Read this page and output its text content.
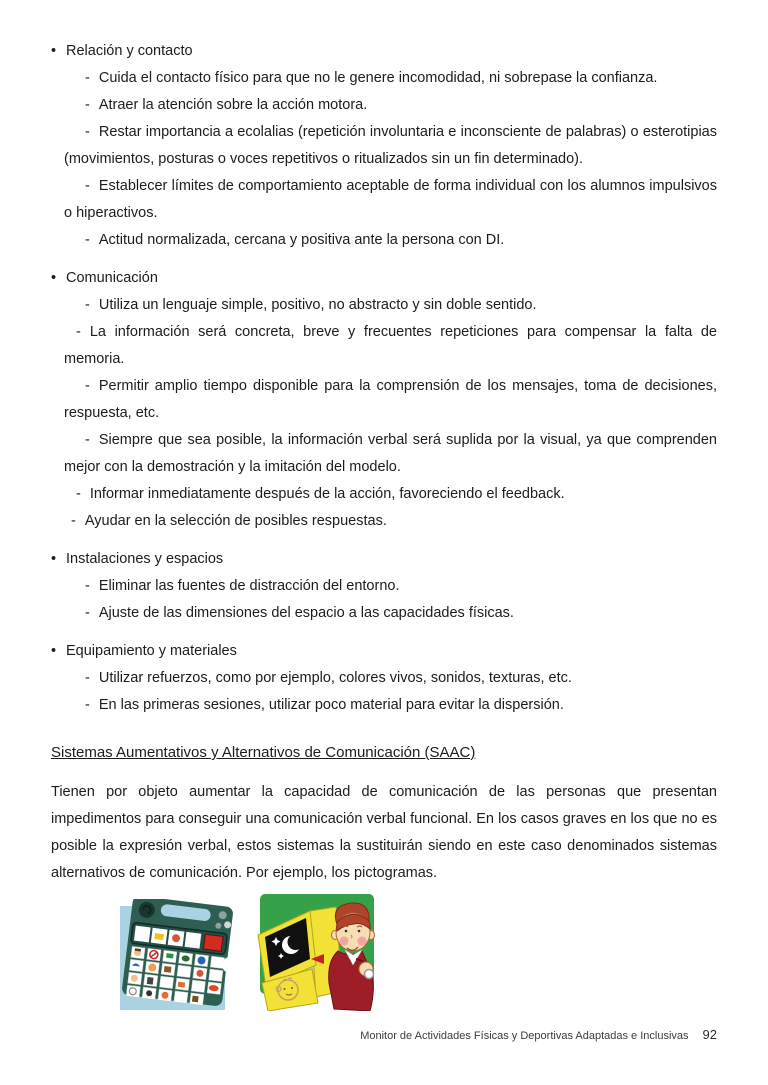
• Relación y contacto
- Cuida el contacto físico para que no le genere incomodidad, ni sobrepase la confianza.
- Atraer la atención sobre la acción motora.
- Restar importancia a ecolalias (repetición involuntaria e inconsciente de palabras) o esterotipias (movimientos, posturas o voces repetitivos o ritualizados sin un fin determinado).
- Establecer límites de comportamiento aceptable de forma individual con los alumnos impulsivos o hiperactivos.
- Actitud normalizada, cercana y positiva ante la persona con DI.
• Comunicación
- Utiliza un lenguaje simple, positivo, no abstracto y sin doble sentido.
- La información será concreta, breve y frecuentes repeticiones para compensar la falta de memoria.
- Permitir amplio tiempo disponible para la comprensión de los mensajes, toma de decisiones, respuesta, etc.
- Siempre que sea posible, la información verbal será suplida por la visual, ya que comprenden mejor con la demostración y la imitación del modelo.
- Informar inmediatamente después de la acción, favoreciendo el feedback.
- Ayudar en la selección de posibles respuestas.
• Instalaciones y espacios
- Eliminar las fuentes de distracción del entorno.
- Ajuste de las dimensiones del espacio a las capacidades físicas.
• Equipamiento y materiales
- Utilizar refuerzos, como por ejemplo, colores vivos, sonidos, texturas, etc.
- En las primeras sesiones, utilizar poco material para evitar la dispersión.
Sistemas Aumentativos y Alternativos de Comunicación (SAAC)

Tienen por objeto aumentar la capacidad de comunicación de las personas que presentan impedimentos para conseguir una comunicación verbal funcional. En los casos graves en los que no es posible la expresión verbal, estos sistemas la sustituirán siendo en este caso denominados sistemas alternativos de comunicación. Por ejemplo, los pictogramas.

Monitor de Actividades Físicas y Deportivas Adaptadas e Inclusivas 92
